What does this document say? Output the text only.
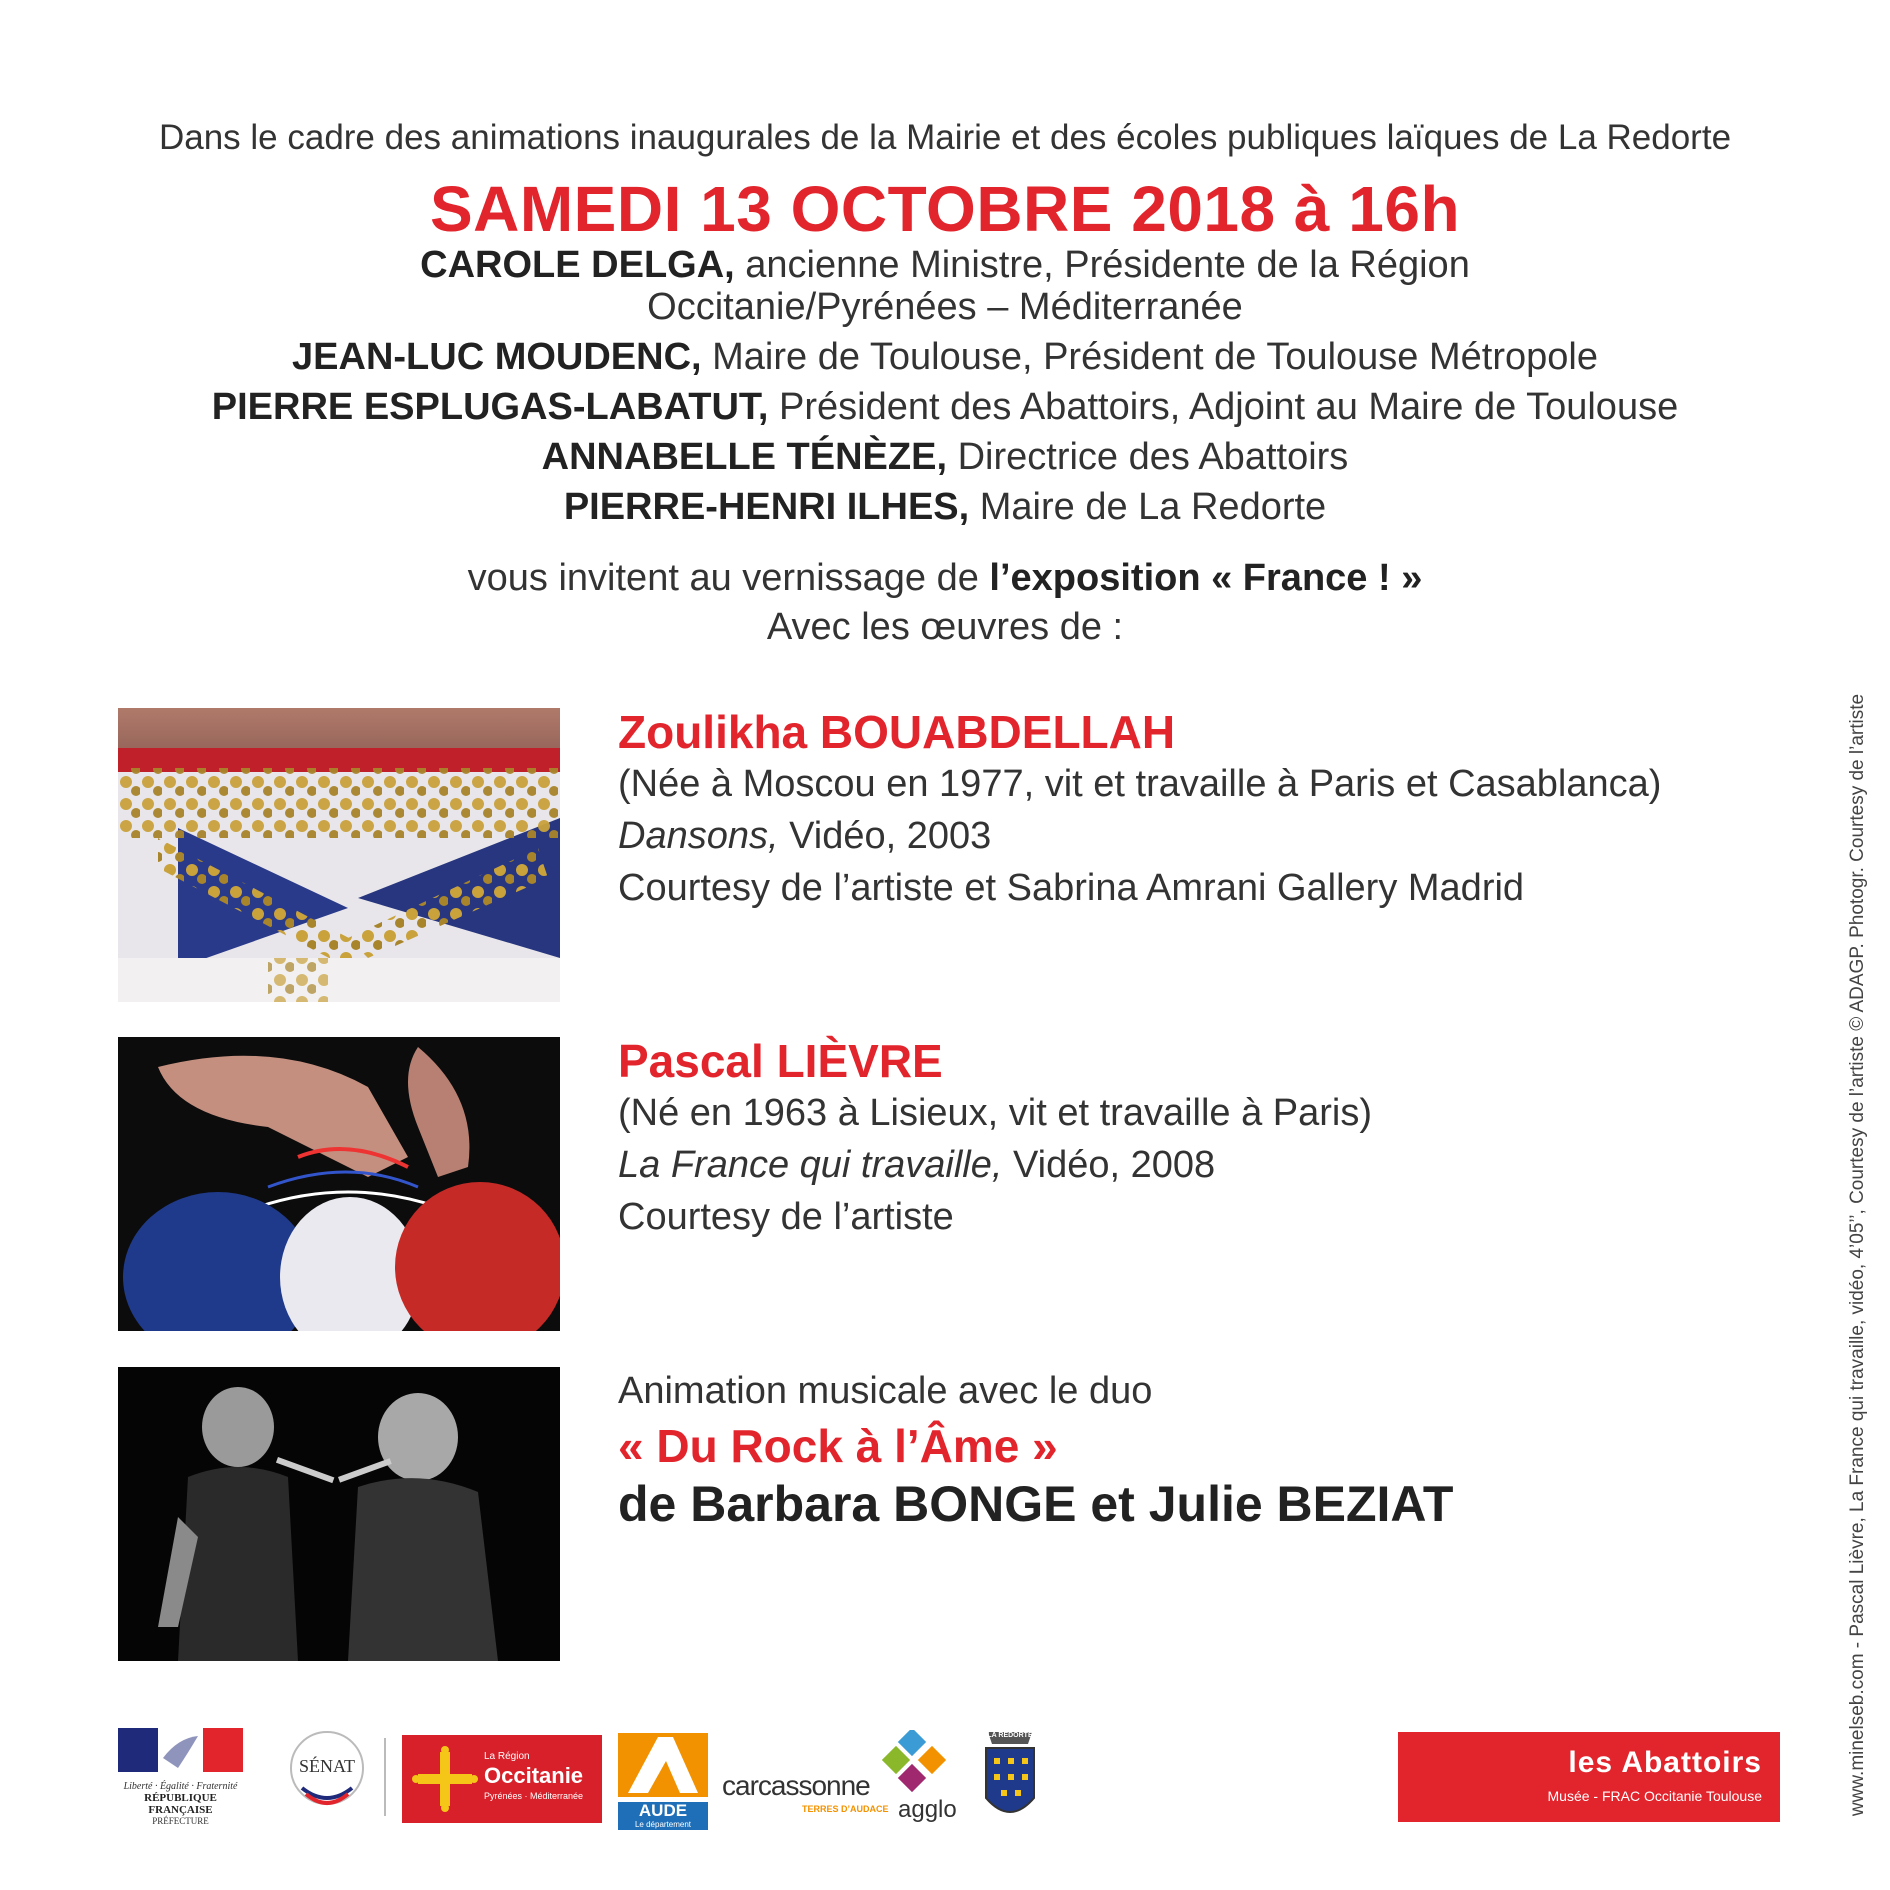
Dans le cadre des animations inaugurales de la Mairie et des écoles publiques laïques de La Redorte
SAMEDI 13 OCTOBRE 2018 à 16h
CAROLE DELGA, ancienne Ministre, Présidente de la Région
Occitanie/Pyrénées – Méditerranée
JEAN-LUC MOUDENC, Maire de Toulouse, Président de Toulouse Métropole
PIERRE ESPLUGAS-LABATUT, Président des Abattoirs, Adjoint au Maire de Toulouse
ANNABELLE TÉNÈZE, Directrice des Abattoirs
PIERRE-HENRI ILHES, Maire de La Redorte
vous invitent au vernissage de l’exposition « France ! »
Avec les œuvres de :
Zoulikha BOUABDELLAH
(Née à Moscou en 1977, vit et travaille à Paris et Casablanca)
Dansons, Vidéo, 2003
Courtesy de l’artiste et Sabrina Amrani Gallery Madrid
Pascal LIÈVRE
(Né en 1963 à Lisieux, vit et travaille à Paris)
La France qui travaille, Vidéo, 2008
Courtesy de l’artiste
Animation musicale avec le duo
« Du Rock à l’Âme »
de Barbara BONGE et Julie BEZIAT	www.minelseb.com - Pascal Lièvre, La France qui travaille, vidéo, 4’05’’, Courtesy de l’artiste © ADAGP. Photogr. Courtesy de l’artiste
Liberté · Égalité · Fraternité
RÉPUBLIQUE FRANÇAISE
PRÉFECTURE
SÉNAT	La Région
Occitanie
Pyrénées · Méditerranée
AUDE
Le département
carcassonne
TERRES D’AUDACE agglo
LA REDORTE
les Abattoirs
Musée - FRAC Occitanie Toulouse
